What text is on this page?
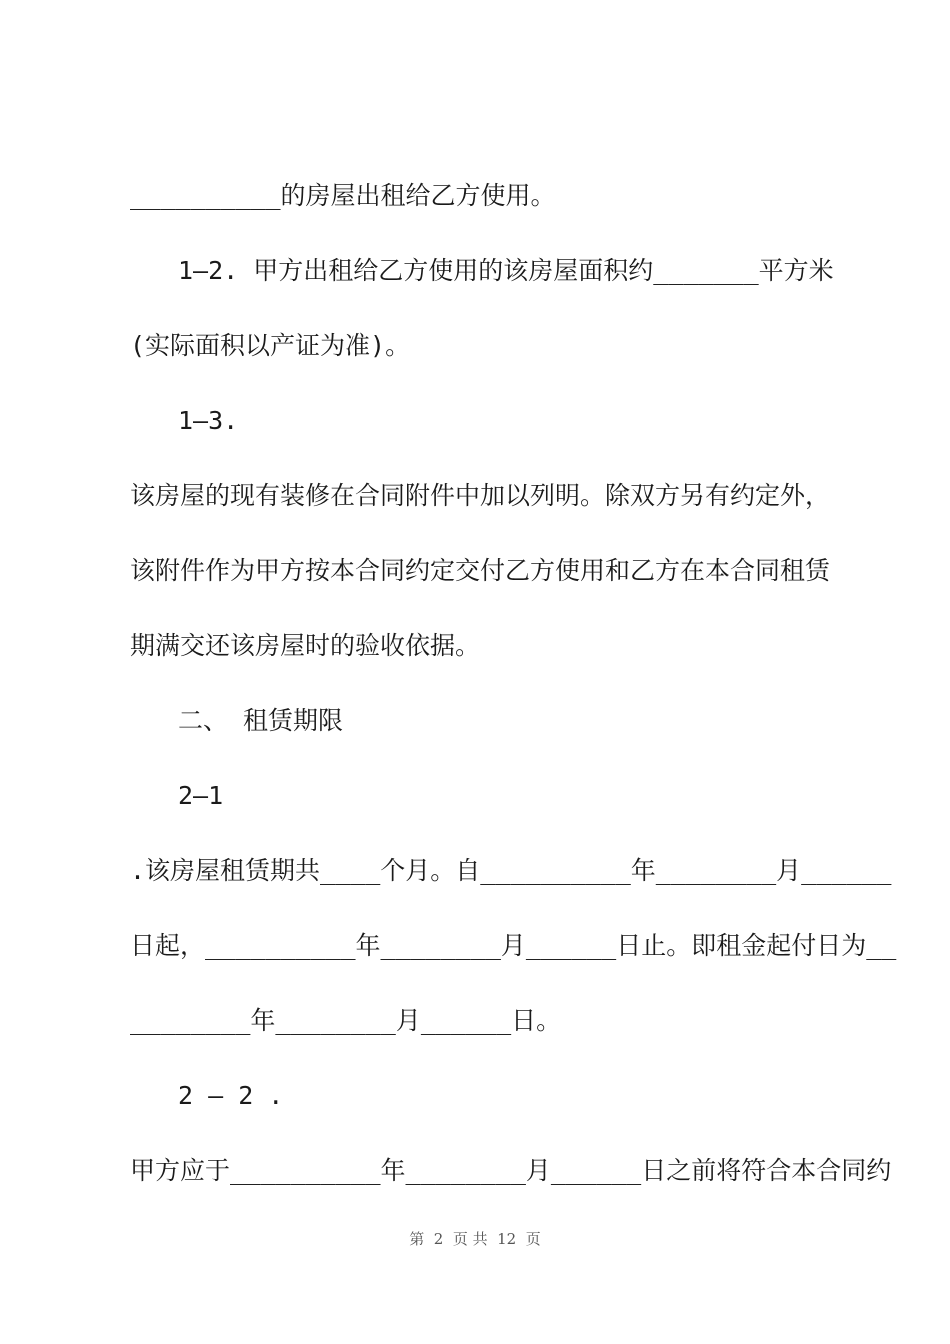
__________的房屋出租给乙方使用。
1—2. 甲方出租给乙方使用的该房屋面积约_______平方米
(实际面积以产证为准)。
1—3.
该房屋的现有装修在合同附件中加以列明。除双方另有约定外，
该附件作为甲方按本合同约定交付乙方使用和乙方在本合同租赁
期满交还该房屋时的验收依据。
二、 租赁期限
2—1
.该房屋租赁期共____个月。自__________年________月______
日起，__________年________月______日止。即租金起付日为__
________年________月______日。
2 — 2 .
甲方应于__________年________月______日之前将符合本合同约
第  2  页 共  12  页
